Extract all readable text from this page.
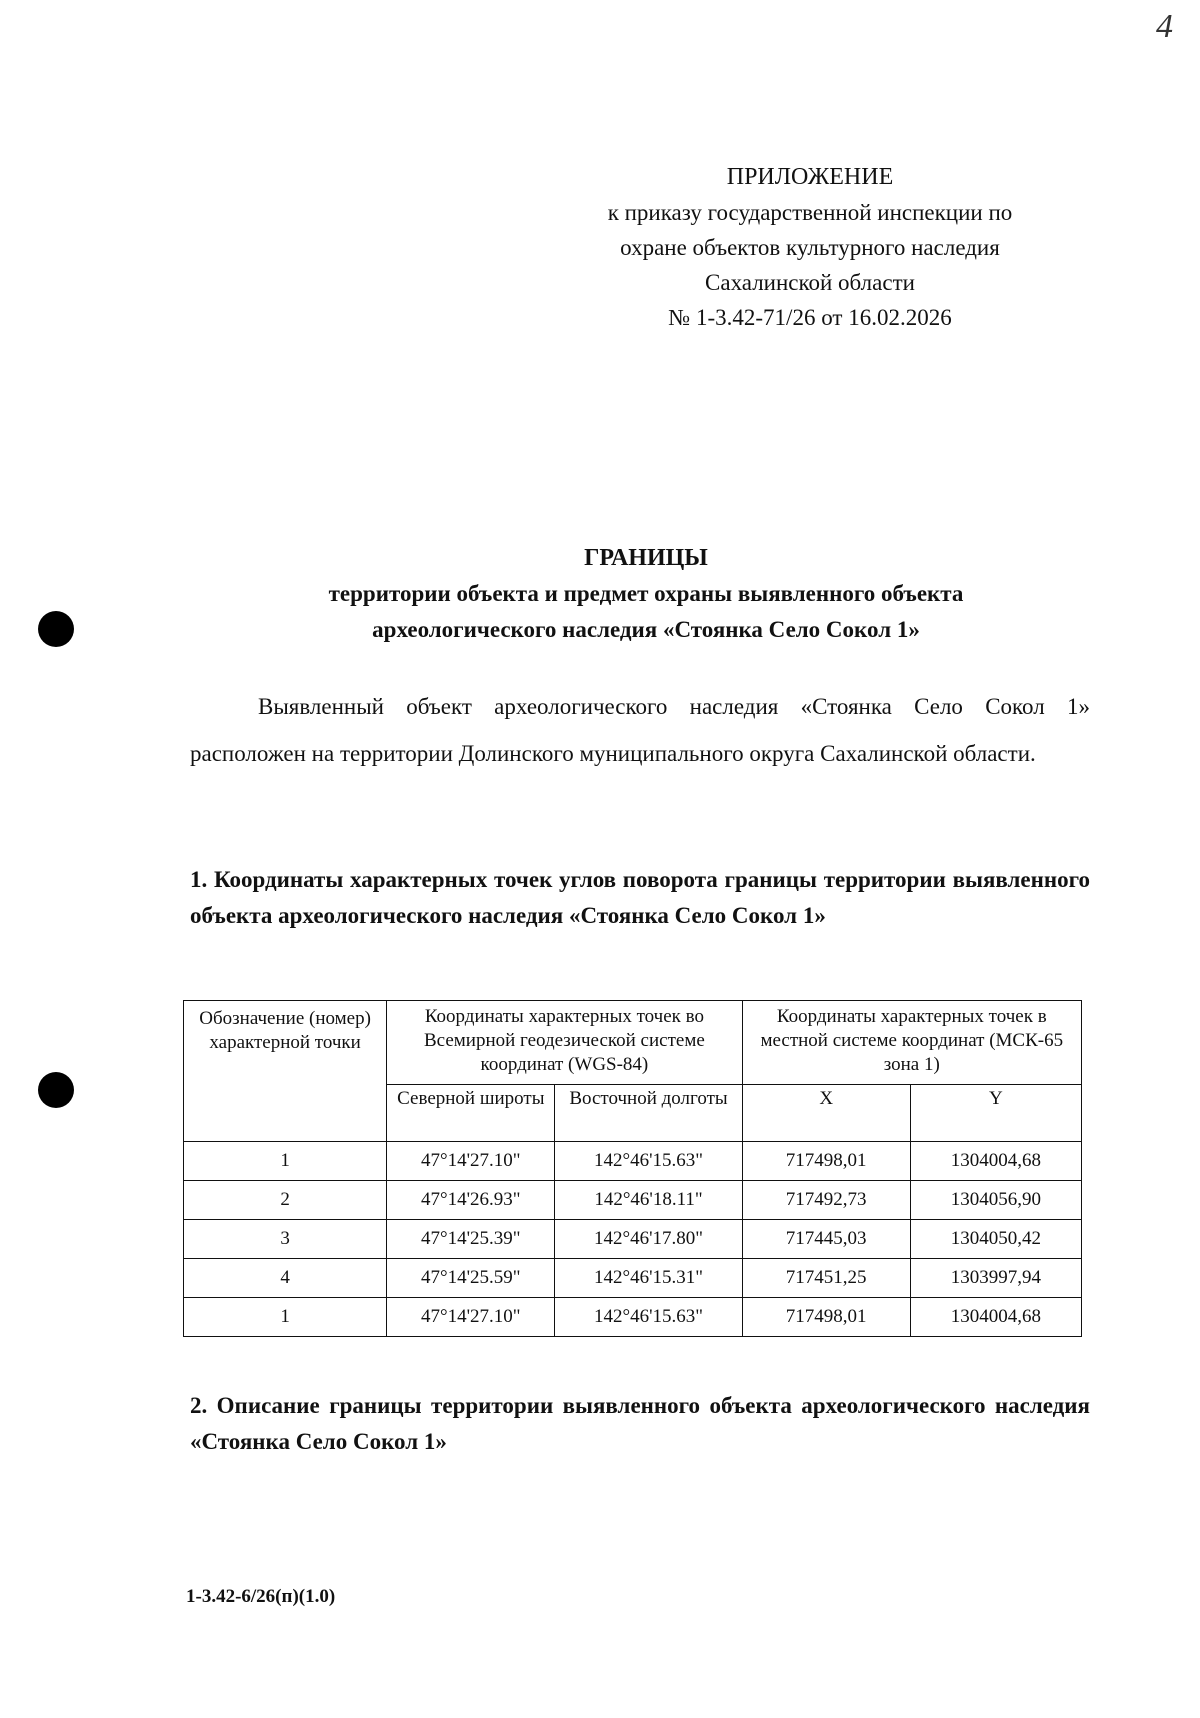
4
ПРИЛОЖЕНИЕ
к приказу государственной инспекции по
охране объектов культурного наследия
Сахалинской области
№ 1-3.42-71/26 от 16.02.2026
ГРАНИЦЫ
территории объекта и предмет охраны выявленного объекта
археологического наследия «Стоянка Село Сокол 1»

Выявленный объект археологического наследия «Стоянка Село Сокол 1» расположен на территории Долинского муниципального округа Сахалинской области.

1. Координаты характерных точек углов поворота границы территории выявленного объекта археологического наследия «Стоянка Село Сокол 1»

Обозначение (номер) характерной точки	Координаты характерных точек во Всемирной геодезической системе координат (WGS-84)		Координаты характерных точек в местной системе координат (МСК-65 зона 1)	
	Северной широты	Восточной долготы	X	Y
1	47°14'27.10"	142°46'15.63"	717498,01	1304004,68
2	47°14'26.93"	142°46'18.11"	717492,73	1304056,90
3	47°14'25.39"	142°46'17.80"	717445,03	1304050,42
4	47°14'25.59"	142°46'15.31"	717451,25	1303997,94
1	47°14'27.10"	142°46'15.63"	717498,01	1304004,68

2. Описание границы территории выявленного объекта археологического наследия «Стоянка Село Сокол 1»

1-3.42-6/26(п)(1.0)
